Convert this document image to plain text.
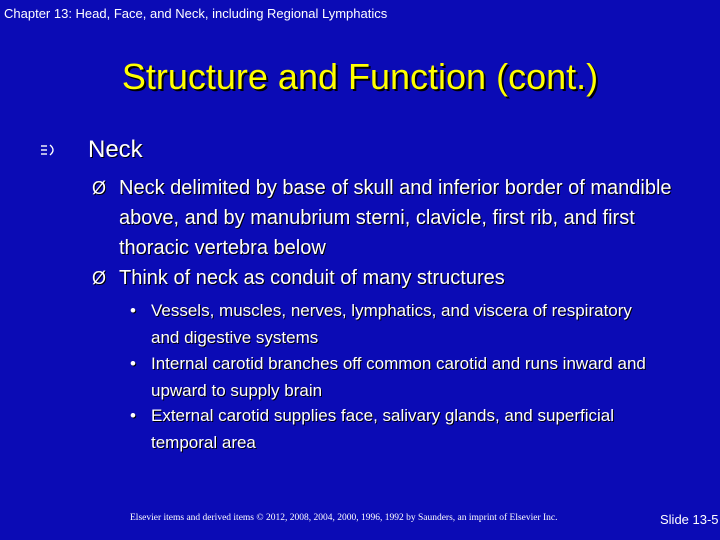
Chapter 13: Head, Face, and Neck, including Regional Lymphatics
Structure and Function (cont.)
Neck
Ø Neck delimited by base of skull and inferior border of mandible above, and by manubrium sterni, clavicle, first rib, and first thoracic vertebra below
Ø Think of neck as conduit of many structures
• Vessels, muscles, nerves, lymphatics, and viscera of respiratory and digestive systems
• Internal carotid branches off common carotid and runs inward and upward to supply brain
• External carotid supplies face, salivary glands, and superficial temporal area
Elsevier items and derived items © 2012, 2008, 2004, 2000, 1996, 1992 by Saunders, an imprint of Elsevier Inc.	Slide 13-5
